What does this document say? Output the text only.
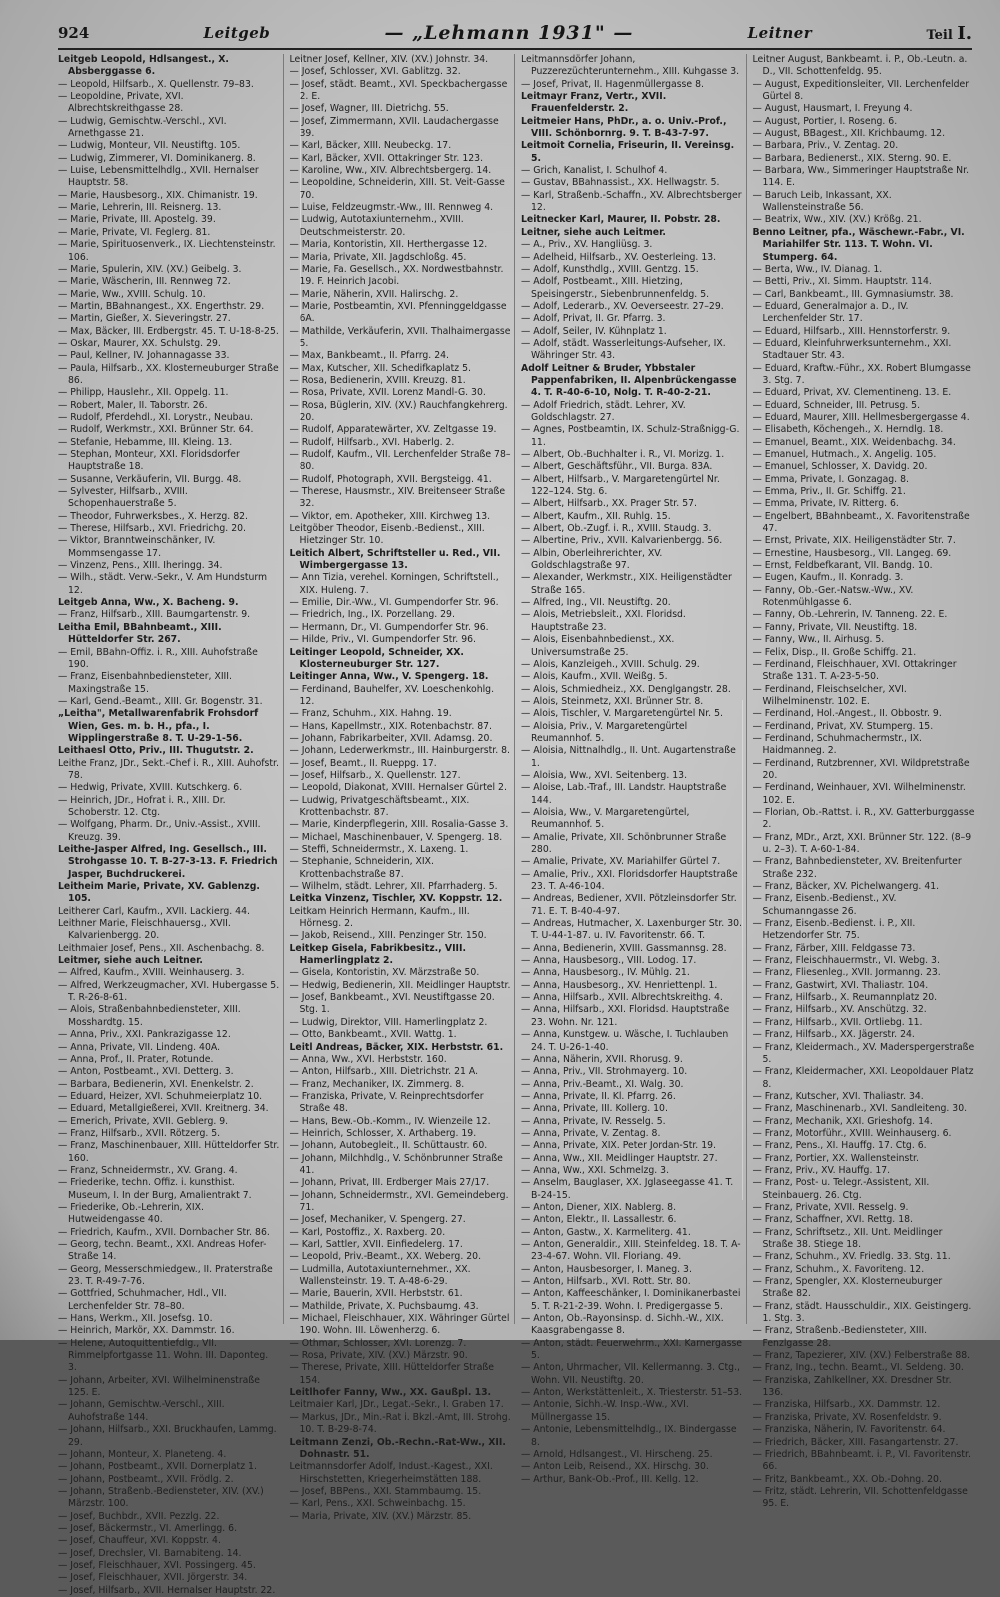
924	Leitgeb	— „Lehmann 1931" —	Leitner	Teil I.

Leitgeb Leopold, Hdlsangest., X. Absberggasse 6.

— Leopold, Hilfsarb., X. Quellenstr. 79–83.

— Leopoldine, Private, XVI. Albrechtskreithgasse 28.

— Ludwig, Gemischtw.-Verschl., XVI. Arnethgasse 21.

— Ludwig, Monteur, VII. Neustiftg. 105.

— Ludwig, Zimmerer, VI. Dominikanerg. 8.

— Luise, Lebensmittelhdlg., XVII. Hernalser Hauptstr. 58.

— Marie, Hausbesorg., XIX. Chimanistr. 19.

— Marie, Lehrerin, III. Reisnerg. 13.

— Marie, Private, III. Apostelg. 39.

— Marie, Private, VI. Feglerg. 81.

— Marie, Spirituosenverk., IX. Liechtensteinstr. 106.

— Marie, Spulerin, XIV. (XV.) Geibelg. 3.

— Marie, Wäscherin, III. Rennweg 72.

— Marie, Ww., XVIII. Schulg. 10.

— Martin, BBahnangest., XX. Engerthstr. 29.

— Martin, Gießer, X. Sieveringstr. 27.

— Max, Bäcker, III. Erdbergstr. 45. T. U-18-8-25.

— Oskar, Maurer, XX. Schulstg. 29.

— Paul, Kellner, IV. Johannagasse 33.

— Paula, Hilfsarb., XX. Klosterneuburger Straße 86.

— Philipp, Hauslehr., XII. Oppelg. 11.

— Robert, Maler, II. Taborstr. 26.

— Rudolf, Pferdehdl., XI. Lorystr., Neubau.

— Rudolf, Werkmstr., XXI. Brünner Str. 64.

— Stefanie, Hebamme, III. Kleing. 13.

— Stephan, Monteur, XXI. Floridsdorfer Hauptstraße 18.

— Susanne, Verkäuferin, VII. Burgg. 48.

— Sylvester, Hilfsarb., XVIII. Schopenhauerstraße 5.

— Theodor, Fuhrwerksbes., X. Herzg. 82.

— Therese, Hilfsarb., XVI. Friedrichg. 20.

— Viktor, Branntweinschänker, IV. Mommsengasse 17.

— Vinzenz, Pens., XIII. Iheringg. 34.

— Wilh., städt. Verw.-Sekr., V. Am Hundsturm 12.

Leitgeb Anna, Ww., X. Bacheng. 9.

— Franz, Hilfsarb., XIII. Baumgartenstr. 9.

Leitha Emil, BBahnbeamt., XIII. Hütteldorfer Str. 267.

— Emil, BBahn-Offiz. i. R., XIII. Auhofstraße 190.

— Franz, Eisenbahnbediensteter, XIII. Maxingstraße 15.

— Karl, Gend.-Beamt., XIII. Gr. Bogenstr. 31.

„Leitha", Metallwarenfabrik Frohsdorf Wien, Ges. m. b. H., pfa., I. Wipplingerstraße 8. T. U-29-1-56.

Leithaesl Otto, Priv., III. Thugutstr. 2.

Leithe Franz, JDr., Sekt.-Chef i. R., XIII. Auhofstr. 78.

— Hedwig, Private, XVIII. Kutschkerg. 6.

— Heinrich, JDr., Hofrat i. R., XIII. Dr. Schoberstr. 12. Ctg.

— Wolfgang, Pharm. Dr., Univ.-Assist., XVIII. Kreuzg. 39.

Leithe-Jasper Alfred, Ing. Gesellsch., III. Strohgasse 10. T. B-27-3-13. F. Friedrich Jasper, Buchdruckerei.

Leitheim Marie, Private, XV. Gablenzg. 105.

Leitherer Carl, Kaufm., XVII. Lackierg. 44.

Leithner Marie, Fleischhauersg., XVII. Kalvarienbergg. 20.

Leithmaier Josef, Pens., XII. Aschenbachg. 8.

Leitmer, siehe auch Leitner.

— Alfred, Kaufm., XVIII. Weinhauserg. 3.

— Alfred, Werkzeugmacher, XVI. Hubergasse 5. T. R-26-8-61.

— Alois, Straßenbahnbediensteter, XIII. Mosshardtg. 15.

— Anna, Priv., XXI. Pankrazigasse 12.

— Anna, Private, VII. Lindeng. 40A.

— Anna, Prof., II. Prater, Rotunde.

— Anton, Postbeamt., XVI. Detterg. 3.

— Barbara, Bedienerin, XVI. Enenkelstr. 2.

— Eduard, Heizer, XVI. Schuhmeierplatz 10.

— Eduard, Metallgießerei, XVII. Kreitnerg. 34.

— Emerich, Private, XVII. Geblerg. 9.

— Franz, Hilfsarb., XVII. Rötzerg. 5.

— Franz, Maschinenbauer, XIII. Hütteldorfer Str. 160.

— Franz, Schneidermstr., XV. Grang. 4.

— Friederike, techn. Offiz. i. kunsthist. Museum, I. In der Burg, Amalientrakt 7.

— Friederike, Ob.-Lehrerin, XIX. Hutweidengasse 40.

— Friedrich, Kaufm., XVII. Dornbacher Str. 86.

— Georg, techn. Beamt., XXI. Andreas Hofer-Straße 14.

— Georg, Messerschmiedgew., II. Praterstraße 23. T. R-49-7-76.

— Gottfried, Schuhmacher, Hdl., VII. Lerchenfelder Str. 78–80.

— Hans, Werkm., XII. Josefsg. 10.

— Heinrich, Markör, XX. Dammstr. 16.

— Helene, Autoquittentiefdlg., VII. Rimmelpfortgasse 11. Wohn. III. Daponteg. 3.

— Johann, Arbeiter, XVI. Wilhelminenstraße 125. E.

— Johann, Gemischtw.-Verschl., XIII. Auhofstraße 144.

— Johann, Hilfsarb., XXI. Bruckhaufen, Lammg. 29.

— Johann, Monteur, X. Planeteng. 4.

— Johann, Postbeamt., XVII. Dornerplatz 1.

— Johann, Postbeamt., XVII. Frödlg. 2.

— Johann, Straßenb.-Bediensteter, XIV. (XV.) Märzstr. 100.

— Josef, Buchbdr., XVII. Pezzlg. 22.

— Josef, Bäckermstr., VI. Amerlingg. 6.

— Josef, Chauffeur, XVI. Koppstr. 4.

— Josef, Drechsler, VI. Barnabiteng. 14.

— Josef, Fleischhauer, XVI. Possingerg. 45.

— Josef, Fleischhauer, XVII. Jörgerstr. 34.

— Josef, Hilfsarb., XVII. Hernalser Hauptstr. 22.

Leitner Josef, Kellner, XIV. (XV.) Johnstr. 34.

— Josef, Schlosser, XVI. Gablitzg. 32.

— Josef, städt. Beamt., XVI. Speckbachergasse 2. E.

— Josef, Wagner, III. Dietrichg. 55.

— Josef, Zimmermann, XVII. Laudachergasse 39.

— Karl, Bäcker, XIII. Neubeckg. 17.

— Karl, Bäcker, XVII. Ottakringer Str. 123.

— Karoline, Ww., XIV. Albrechtsbergerg. 14.

— Leopoldine, Schneiderin, XIII. St. Veit-Gasse 70.

— Luise, Feldzeugmstr.-Ww., III. Rennweg 4.

— Ludwig, Autotaxiunternehm., XVIII. Deutschmeisterstr. 20.

— Maria, Kontoristin, XII. Herthergasse 12.

— Maria, Private, XII. Jagdschloßg. 45.

— Marie, Fa. Gesellsch., XX. Nordwestbahnstr. 19. F. Heinrich Jacobi.

— Marie, Näherin, XVII. Halirschg. 2.

— Marie, Postbeamtin, XVI. Pfenninggeldgasse 6A.

— Mathilde, Verkäuferin, XVII. Thalhaimergasse 5.

— Max, Bankbeamt., II. Pfarrg. 24.

— Max, Kutscher, XII. Schedifkaplatz 5.

— Rosa, Bedienerin, XVIII. Kreuzg. 81.

— Rosa, Private, XVII. Lorenz Mandl-G. 30.

— Rosa, Büglerin, XIV. (XV.) Rauchfangkehrerg. 20.

— Rudolf, Apparatewärter, XV. Zeltgasse 19.

— Rudolf, Hilfsarb., XVI. Haberlg. 2.

— Rudolf, Kaufm., VII. Lerchenfelder Straße 78–80.

— Rudolf, Photograph, XVII. Bergsteigg. 41.

— Therese, Hausmstr., XIV. Breitenseer Straße 32.

— Viktor, em. Apotheker, XIII. Kirchweg 13.

Leitgöber Theodor, Eisenb.-Bedienst., XIII. Hietzinger Str. 10.

Leitich Albert, Schriftsteller u. Red., VII. Wimbergergasse 13.

— Ann Tizia, verehel. Korningen, Schriftstell., XIX. Huleng. 7.

— Emilie, Dir.-Ww., VI. Gumpendorfer Str. 96.

— Friedrich, Ing., IX. Porzellang. 29.

— Hermann, Dr., VI. Gumpendorfer Str. 96.

— Hilde, Priv., VI. Gumpendorfer Str. 96.

Leitinger Leopold, Schneider, XX. Klosterneuburger Str. 127.

Leitinger Anna, Ww., V. Spengerg. 18.

— Ferdinand, Bauhelfer, XV. Loeschenkohlg. 12.

— Franz, Schuhm., XIX. Hahng. 19.

— Hans, Kapellmstr., XIX. Rotenbachstr. 87.

— Johann, Fabrikarbeiter, XVII. Adamsg. 20.

— Johann, Lederwerkmstr., III. Hainburgerstr. 8.

— Josef, Beamt., II. Rueppg. 17.

— Josef, Hilfsarb., X. Quellenstr. 127.

— Leopold, Diakonat, XVIII. Hernalser Gürtel 2.

— Ludwig, Privatgeschäftsbeamt., XIX. Krottenbachstr. 87.

— Marie, Kinderpflegerin, XIII. Rosalia-Gasse 3.

— Michael, Maschinenbauer, V. Spengerg. 18.

— Steffi, Schneidermstr., X. Laxeng. 1.

— Stephanie, Schneiderin, XIX. Krottenbachstraße 87.

— Wilhelm, städt. Lehrer, XII. Pfarrhaderg. 5.

Leitka Vinzenz, Tischler, XV. Koppstr. 12.

Leitkam Heinrich Hermann, Kaufm., III. Hörnesg. 2.

— Jakob, Reisend., XIII. Penzinger Str. 150.

Leitkep Gisela, Fabrikbesitz., VIII. Hamerlingplatz 2.

— Gisela, Kontoristin, XV. Märzstraße 50.

— Hedwig, Bedienerin, XII. Meidlinger Hauptstr.

— Josef, Bankbeamt., XVI. Neustiftgasse 20. Stg. 1.

— Ludwig, Direktor, VIII. Hamerlingplatz 2.

— Otto, Bankbeamt., XVII. Wattg. 1.

Leitl Andreas, Bäcker, XIX. Herbststr. 61.

— Anna, Ww., XVI. Herbststr. 160.

— Anton, Hilfsarb., XIII. Dietrichstr. 21 A.

— Franz, Mechaniker, IX. Zimmerg. 8.

— Franziska, Private, V. Reinprechtsdorfer Straße 48.

— Hans, Bew.-Ob.-Komm., IV. Wienzeile 12.

— Heinrich, Schlosser, X. Arthaberg. 19.

— Johann, Autobegleit., II. Schüttaustr. 60.

— Johann, Milchhdlg., V. Schönbrunner Straße 41.

— Johann, Privat, III. Erdberger Mais 27/17.

— Johann, Schneidermstr., XVI. Gemeindeberg. 71.

— Josef, Mechaniker, V. Spengerg. 27.

— Karl, Postoffiz., X. Raxberg. 20.

— Karl, Sattler, XVII. Einfiedelerg. 17.

— Leopold, Priv.-Beamt., XX. Weberg. 20.

— Ludmilla, Autotaxiunternehmer., XX. Wallensteinstr. 19. T. A-48-6-29.

— Marie, Bauerin, XVII. Herbststr. 61.

— Mathilde, Private, X. Puchsbaumg. 43.

— Michael, Fleischhauer, XIX. Währinger Gürtel 190. Wohn. III. Löwenherzg. 6.

— Othmar, Schlosser, XVI. Lorenzg. 7.

— Rosa, Private, XIV. (XV.) Märzstr. 90.

— Therese, Private, XIII. Hütteldorfer Straße 154.

Leitlhofer Fanny, Ww., XX. Gaußpl. 13.

Leitmaier Karl, JDr., Legat.-Sekr., I. Graben 17.

— Markus, JDr., Min.-Rat i. Bkzl.-Amt, III. Strohg. 10. T. B-29-8-74.

Leitmann Zenzi, Ob.-Rechn.-Rat-Ww., XII. Dohnastr. 51.

Leitmannsdorfer Adolf, Indust.-Kagest., XXI. Hirschstetten, Kriegerheimstätten 188.

— Josef, BBPens., XXI. Stammbaumg. 15.

— Karl, Pens., XXI. Schweinbachg. 15.

— Maria, Private, XIV. (XV.) Märzstr. 85.

Leitmannsdörfer Johann, Puzzerezüchterunternehm., XIII. Kuhgasse 3.

— Josef, Privat, II. Hagenmüllergasse 8.

Leitmayr Franz, Vertr., XVII. Frauenfelderstr. 2.

Leitmeier Hans, PhDr., a. o. Univ.-Prof., VIII. Schönbornrg. 9. T. B-43-7-97.

Leitmoit Cornelia, Friseurin, II. Vereinsg. 5.

— Grich, Kanalist, I. Schulhof 4.

— Gustav, BBahnassist., XX. Hellwagstr. 5.

— Karl, Straßenb.-Schaffn., XV. Albrechtsberger 12.

Leitnecker Karl, Maurer, II. Pobstr. 28.

Leitner, siehe auch Leitmer.

— A., Priv., XV. Hangliüsg. 3.

— Adelheid, Hilfsarb., XV. Oesterleing. 13.

— Adolf, Kunsthdlg., XVIII. Gentzg. 15.

— Adolf, Postbeamt., XIII. Hietzing, Speisingerstr., Siebenbrunnenfeldg. 5.

— Adolf, Lederarb., XV. Oeverseestr. 27–29.

— Adolf, Privat, II. Gr. Pfarrg. 3.

— Adolf, Seiler, IV. Kühnplatz 1.

— Adolf, städt. Wasserleitungs-Aufseher, IX. Währinger Str. 43.

Adolf Leitner & Bruder, Ybbstaler Pappenfabriken, II. Alpenbrückengasse 4. T. R-40-6-10, Nolg. T. R-40-2-21.

— Adolf Friedrich, städt. Lehrer, XV. Goldschlagstr. 27.

— Agnes, Postbeamtin, IX. Schulz-Straßnigg-G. 11.

— Albert, Ob.-Buchhalter i. R., VI. Morizg. 1.

— Albert, Geschäftsführ., VII. Burga. 83A.

— Albert, Hilfsarb., V. Margaretengürtel Nr. 122–124. Stg. 6.

— Albert, Hilfsarb., XX. Prager Str. 57.

— Albert, Kaufm., XII. Ruhlg. 15.

— Albert, Ob.-Zugf. i. R., XVIII. Staudg. 3.

— Albertine, Priv., XVII. Kalvarienbergg. 56.

— Albin, Oberleihrerichter, XV. Goldschlagstraße 97.

— Alexander, Werkmstr., XIX. Heiligenstädter Straße 165.

— Alfred, Ing., VII. Neustiftg. 20.

— Alois, Metriebsleit., XXI. Floridsd. Hauptstraße 23.

— Alois, Eisenbahnbedienst., XX. Universumstraße 25.

— Alois, Kanzleigeh., XVIII. Schulg. 29.

— Alois, Kaufm., XVII. Weißg. 5.

— Alois, Schmiedheiz., XX. Denglgangstr. 28.

— Alois, Steinmetz, XXI. Brünner Str. 8.

— Alois, Tischler, V. Margaretengürtel Nr. 5.

— Aloisia, Priv., V. Margaretengürtel Reumannhof. 5.

— Aloisia, Nittnalhdlg., II. Unt. Augartenstraße 1.

— Aloisia, Ww., XVI. Seitenberg. 13.

— Aloise, Lab.-Traf., III. Landstr. Hauptstraße 144.

— Aloisia, Ww., V. Margaretengürtel, Reumannhof. 5.

— Amalie, Private, XII. Schönbrunner Straße 280.

— Amalie, Private, XV. Mariahilfer Gürtel 7.

— Amalie, Priv., XXI. Floridsdorfer Hauptstraße 23. T. A-46-104.

— Andreas, Bediener, XVII. Pötzleinsdorfer Str. 71. E. T. B-40-4-97.

— Andreas, Hutmacher, X. Laxenburger Str. 30. T. U-44-1-87. u. IV. Favoritenstr. 66. T.

— Anna, Bedienerin, XVIII. Gassmannsg. 28.

— Anna, Hausbesorg., VIII. Lodog. 17.

— Anna, Hausbesorg., IV. Mühlg. 21.

— Anna, Hausbesorg., XV. Henriettenpl. 1.

— Anna, Hilfsarb., XVII. Albrechtskreithg. 4.

— Anna, Hilfsarb., XXI. Floridsd. Hauptstraße 23. Wohn. Nr. 121.

— Anna, Kunstgew. u. Wäsche, I. Tuchlauben 24. T. U-26-1-40.

— Anna, Näherin, XVII. Rhorusg. 9.

— Anna, Priv., VII. Strohmayerg. 10.

— Anna, Priv.-Beamt., XI. Walg. 30.

— Anna, Private, II. Kl. Pfarrg. 26.

— Anna, Private, III. Kollerg. 10.

— Anna, Private, IV. Resselg. 5.

— Anna, Private, V. Zentag. 8.

— Anna, Private, XIX. Peter Jordan-Str. 19.

— Anna, Ww., XII. Meidlinger Hauptstr. 27.

— Anna, Ww., XXI. Schmelzg. 3.

— Anselm, Bauglaser, XX. Jglaseegasse 41. T. B-24-15.

— Anton, Diener, XIX. Nablerg. 8.

— Anton, Elektr., II. Lassallestr. 6.

— Anton, Gastw., X. Karmeliterg. 41.

— Anton, Generaldir., XIII. Steinfeldeg. 18. T. A-23-4-67. Wohn. VII. Floriang. 49.

— Anton, Hausbesorger, I. Maneg. 3.

— Anton, Hilfsarb., XVI. Rott. Str. 80.

— Anton, Kaffeeschänker, I. Dominikanerbastei 5. T. R-21-2-39. Wohn. I. Predigergasse 5.

— Anton, Ob.-Rayonsinsp. d. Sichh.-W., XIX. Kaasgrabengasse 8.

— Anton, städt. Feuerwehrm., XXI. Karnergasse 5.

— Anton, Uhrmacher, VII. Kellermanng. 3. Ctg., Wohn. VII. Neustiftg. 20.

— Anton, Werkstättenleit., X. Triesterstr. 51–53.

— Antonie, Sichh.-W. Insp.-Ww., XVI. Müllnergasse 15.

— Antonie, Lebensmittelhdlg., IX. Bindergasse 8.

— Arnold, Hdlsangest., VI. Hirscheng. 25.

— Anton Leib, Reisend., XX. Hirschg. 30.

— Arthur, Bank-Ob.-Prof., III. Kellg. 12.

Leitner August, Bankbeamt. i. P., Ob.-Leutn. a. D., VII. Schottenfeldg. 95.

— August, Expeditionsleiter, VII. Lerchenfelder Gürtel 8.

— August, Hausmart, I. Freyung 4.

— August, Portier, I. Roseng. 6.

— August, BBagest., XII. Krichbaumg. 12.

— Barbara, Priv., V. Zentag. 20.

— Barbara, Bedienerst., XIX. Sterng. 90. E.

— Barbara, Ww., Simmeringer Hauptstraße Nr. 114. E.

— Baruch Leib, Inkassant, XX. Wallensteinstraße 56.

— Beatrix, Ww., XIV. (XV.) Krößg. 21.

Benno Leitner, pfa., Wäschewr.-Fabr., VI. Mariahilfer Str. 113. T. Wohn. VI. Stumperg. 64.

— Berta, Ww., IV. Dianag. 1.

— Betti, Priv., XI. Simm. Hauptstr. 114.

— Carl, Bankbeamt., III. Gymnasiumstr. 38.

— Eduard, Generalmajor a. D., IV. Lerchenfelder Str. 17.

— Eduard, Hilfsarb., XIII. Hennstorferstr. 9.

— Eduard, Kleinfuhrwerksunternehm., XXI. Stadtauer Str. 43.

— Eduard, Kraftw.-Führ., XX. Robert Blumgasse 3. Stg. 7.

— Eduard, Privat, XV. Clementineng. 13. E.

— Eduard, Schneider, III. Petrusg. 5.

— Eduard, Maurer, XIII. Hellmesbergergasse 4.

— Elisabeth, Köchengeh., X. Herndlg. 18.

— Emanuel, Beamt., XIX. Weidenbachg. 34.

— Emanuel, Hutmach., X. Angelig. 105.

— Emanuel, Schlosser, X. Davidg. 20.

— Emma, Private, I. Gonzagag. 8.

— Emma, Priv., II. Gr. Schiffg. 21.

— Emma, Private, IV. Ritterg. 6.

— Engelbert, BBahnbeamt., X. Favoritenstraße 47.

— Ernst, Private, XIX. Heiligenstädter Str. 7.

— Ernestine, Hausbesorg., VII. Langeg. 69.

— Ernst, Feldbefkarant, VII. Bandg. 10.

— Eugen, Kaufm., II. Konradg. 3.

— Fanny, Ob.-Ger.-Natsw.-Ww., XV. Rotenmühlgasse 6.

— Fanny, Ob.-Lehrerin, IV. Tanneng. 22. E.

— Fanny, Private, VII. Neustiftg. 18.

— Fanny, Ww., II. Airhusg. 5.

— Felix, Disp., II. Große Schiffg. 21.

— Ferdinand, Fleischhauer, XVI. Ottakringer Straße 131. T. A-23-5-50.

— Ferdinand, Fleischselcher, XVI. Wilhelminenstr. 102. E.

— Ferdinand, Hol.-Angest., II. Obbostr. 9.

— Ferdinand, Privat, XV. Stumperg. 15.

— Ferdinand, Schuhmachermstr., IX. Haidmanneg. 2.

— Ferdinand, Rutzbrenner, XVI. Wildpretstraße 20.

— Ferdinand, Weinhauer, XVI. Wilhelminenstr. 102. E.

— Florian, Ob.-Rattst. i. R., XV. Gatterburggasse 2.

— Franz, MDr., Arzt, XXI. Brünner Str. 122. (8–9 u. 2–3). T. A-60-1-84.

— Franz, Bahnbediensteter, XV. Breitenfurter Straße 232.

— Franz, Bäcker, XV. Pichelwangerg. 41.

— Franz, Eisenb.-Bedienst., XV. Schumanngasse 26.

— Franz, Eisenb.-Bedienst. i. P., XII. Hetzendorfer Str. 75.

— Franz, Färber, XIII. Feldgasse 73.

— Franz, Fleischhauermstr., VI. Webg. 3.

— Franz, Fliesenleg., XVII. Jormanng. 23.

— Franz, Gastwirt, XVI. Thaliastr. 104.

— Franz, Hilfsarb., X. Reumannplatz 20.

— Franz, Hilfsarb., XV. Anschützg. 32.

— Franz, Hilfsarb., XVII. Ortliebg. 11.

— Franz, Hilfsarb., XX. Jägerstr. 24.

— Franz, Kleidermach., XV. Maderspergerstraße 5.

— Franz, Kleidermacher, XXI. Leopoldauer Platz 8.

— Franz, Kutscher, XVI. Thaliastr. 34.

— Franz, Maschinenarb., XVI. Sandleiteng. 30.

— Franz, Mechanik, XXI. Grieshofg. 14.

— Franz, Motorführ., XVIII. Weinhauserg. 6.

— Franz, Pens., XI. Hauffg. 17. Ctg. 6.

— Franz, Portier, XX. Wallensteinstr.

— Franz, Priv., XV. Hauffg. 17.

— Franz, Post- u. Telegr.-Assistent, XII. Steinbauerg. 26. Ctg.

— Franz, Private, XVII. Resselg. 9.

— Franz, Schaffner, XVI. Rettg. 18.

— Franz, Schriftsetz., XII. Unt. Meidlinger Straße 38. Stiege 18.

— Franz, Schuhm., XV. Friedlg. 33. Stg. 11.

— Franz, Schuhm., X. Favoriteng. 12.

— Franz, Spengler, XX. Klosterneuburger Straße 82.

— Franz, städt. Hausschuldir., XIX. Geistingerg. 1. Stg. 3.

— Franz, Straßenb.-Bediensteter, XIII. Fenzlgasse 28.

— Franz, Tapezierer, XIV. (XV.) Felberstraße 88.

— Franz, Ing., techn. Beamt., VI. Seldeng. 30.

— Franziska, Zahlkellner, XX. Dresdner Str. 136.

— Franziska, Hilfsarb., XX. Dammstr. 12.

— Franziska, Private, XV. Rosenfeldstr. 9.

— Franziska, Näherin, IV. Favoritenstr. 64.

— Friedrich, Bäcker, XIII. Fasangartenstr. 27.

— Friedrich, BBahnbeamt. i. P., VI. Favoritenstr. 66.

— Fritz, Bankbeamt., XX. Ob.-Dohng. 20.

— Fritz, städt. Lehrerin, VII. Schottenfeldgasse 95. E.
